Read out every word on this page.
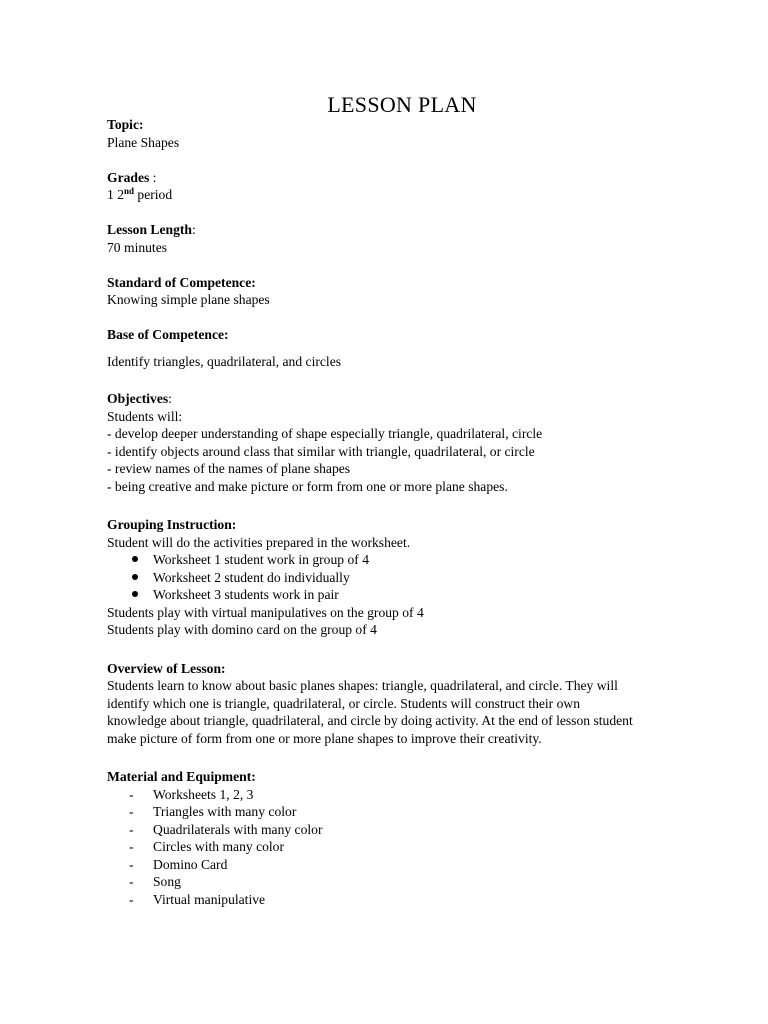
LESSON PLAN
Topic:
Plane Shapes
Grades :
1 2nd period
Lesson Length:
70 minutes
Standard of Competence:
Knowing simple plane shapes
Base of Competence:
Identify triangles, quadrilateral, and circles
Objectives:
Students will:
- develop deeper understanding of shape especially triangle, quadrilateral, circle
- identify objects around class that similar with triangle, quadrilateral, or circle
- review names of the names of plane shapes
- being creative and make picture or form from one or more plane shapes.
Grouping Instruction:
Student will do the activities prepared in the worksheet.
Worksheet 1 student work in group of 4
Worksheet 2 student do individually
Worksheet 3 students work in pair
Students play with virtual manipulatives on the group of 4
Students play with domino card on the group of 4
Overview of Lesson:
Students learn to know about basic planes shapes: triangle, quadrilateral, and circle. They will
identify which one is triangle, quadrilateral, or circle. Students will construct their own
knowledge about triangle, quadrilateral, and circle by doing activity. At the end of lesson student
make picture of form from one or more plane shapes to improve their creativity.
Material and Equipment:
-	Worksheets 1, 2, 3
-	Triangles with many color
-	Quadrilaterals with many color
-	Circles with many color
-	Domino Card
-	Song
-	Virtual manipulative
